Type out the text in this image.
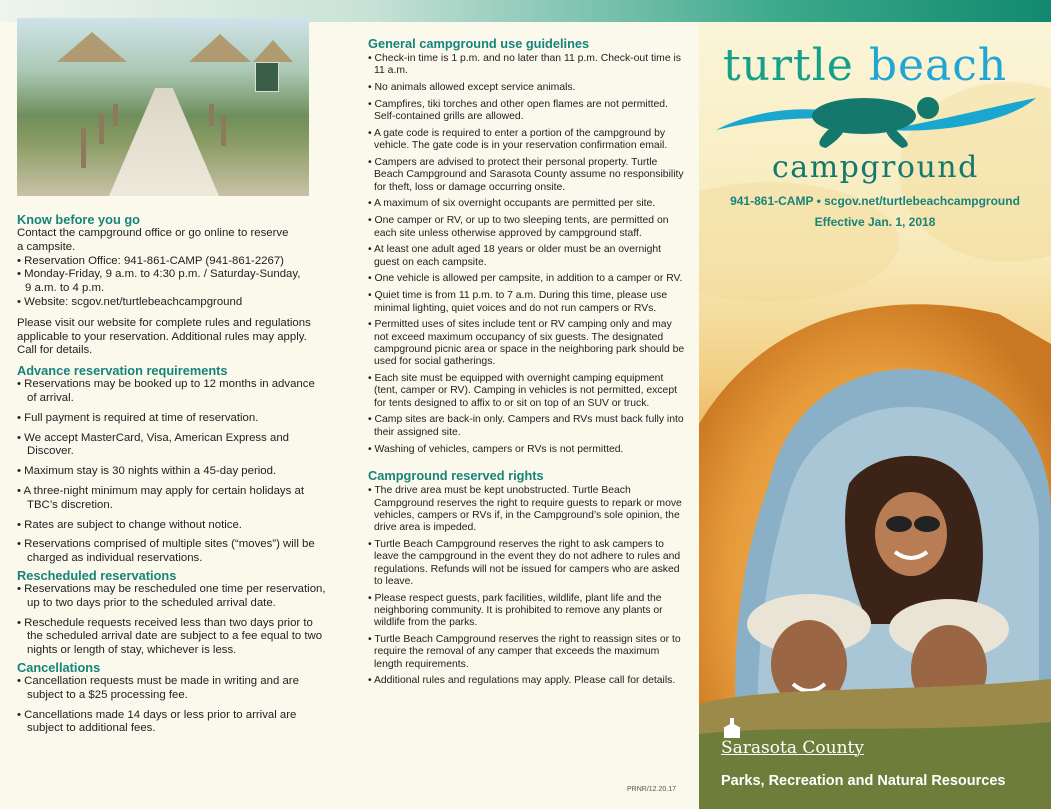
Know before you go

Contact the campground office or go online to reserve
a campsite.

• Reservation Office: 941-861-CAMP (941-861-2267)
• Monday-Friday, 9 a.m. to 4:30 p.m. / Saturday-Sunday,
9 a.m. to 4 p.m.
• Website: scgov.net/turtlebeachcampground

Please visit our website for complete rules and regulations applicable to your reservation. Additional rules may apply. Call for details.

Advance reservation requirements
• Reservations may be booked up to 12 months in advance of arrival.
• Full payment is required at time of reservation.
• We accept MasterCard, Visa, American Express and Discover.
• Maximum stay is 30 nights within a 45-day period.
• A three-night minimum may apply for certain holidays at TBC’s discretion.
• Rates are subject to change without notice.
• Reservations comprised of multiple sites (“moves”) will be charged as individual reservations.
Rescheduled reservations
• Reservations may be rescheduled one time per reservation, up to two days prior to the scheduled arrival date.
• Reschedule requests received less than two days prior to the scheduled arrival date are subject to a fee equal to two nights or length of stay, whichever is less.
Cancellations
• Cancellation requests must be made in writing and are subject to a $25 processing fee.
• Cancellations made 14 days or less prior to arrival are subject to additional fees.
General campground use guidelines
• Check-in time is 1 p.m. and no later than 11 p.m. Check-out time is 11 a.m.
• No animals allowed except service animals.
• Campfires, tiki torches and other open flames are not permitted. Self-contained grills are allowed.
• A gate code is required to enter a portion of the campground by vehicle. The gate code is in your reservation confirmation email.
• Campers are advised to protect their personal property. Turtle Beach Campground and Sarasota County assume no responsibility for theft, loss or damage occurring onsite.
• A maximum of six overnight occupants are permitted per site.
• One camper or RV, or up to two sleeping tents, are permitted on each site unless otherwise approved by campground staff.
• At least one adult aged 18 years or older must be an overnight guest on each campsite.
• One vehicle is allowed per campsite, in addition to a camper or RV.
• Quiet time is from 11 p.m. to 7 a.m. During this time, please use minimal lighting, quiet voices and do not run campers or RVs.
• Permitted uses of sites include tent or RV camping only and may not exceed maximum occupancy of six guests. The designated campground picnic area or space in the neighboring park should be used for social gatherings.
• Each site must be equipped with overnight camping equipment (tent, camper or RV). Camping in vehicles is not permitted, except for tents designed to affix to or sit on top of an SUV or truck.
• Camp sites are back-in only. Campers and RVs must back fully into their assigned site.
• Washing of vehicles, campers or RVs is not permitted.
Campground reserved rights
• The drive area must be kept unobstructed. Turtle Beach Campground reserves the right to require guests to repark or move vehicles, campers or RVs if, in the Campground’s sole opinion, the drive area is impeded.
• Turtle Beach Campground reserves the right to ask campers to leave the campground in the event they do not adhere to rules and regulations. Refunds will not be issued for campers who are asked to leave.
• Please respect guests, park facilities, wildlife, plant life and the neighboring community. It is prohibited to remove any plants or wildlife from the parks.
• Turtle Beach Campground reserves the right to reassign sites or to require the removal of any camper that exceeds the maximum length requirements.
• Additional rules and regulations may apply. Please call for details.
PRNR/12.20.17
turtle beach
campground
941-861-CAMP • scgov.net/turtlebeachcampground
Effective Jan. 1, 2018
Sarasota County
Parks, Recreation and Natural Resources
